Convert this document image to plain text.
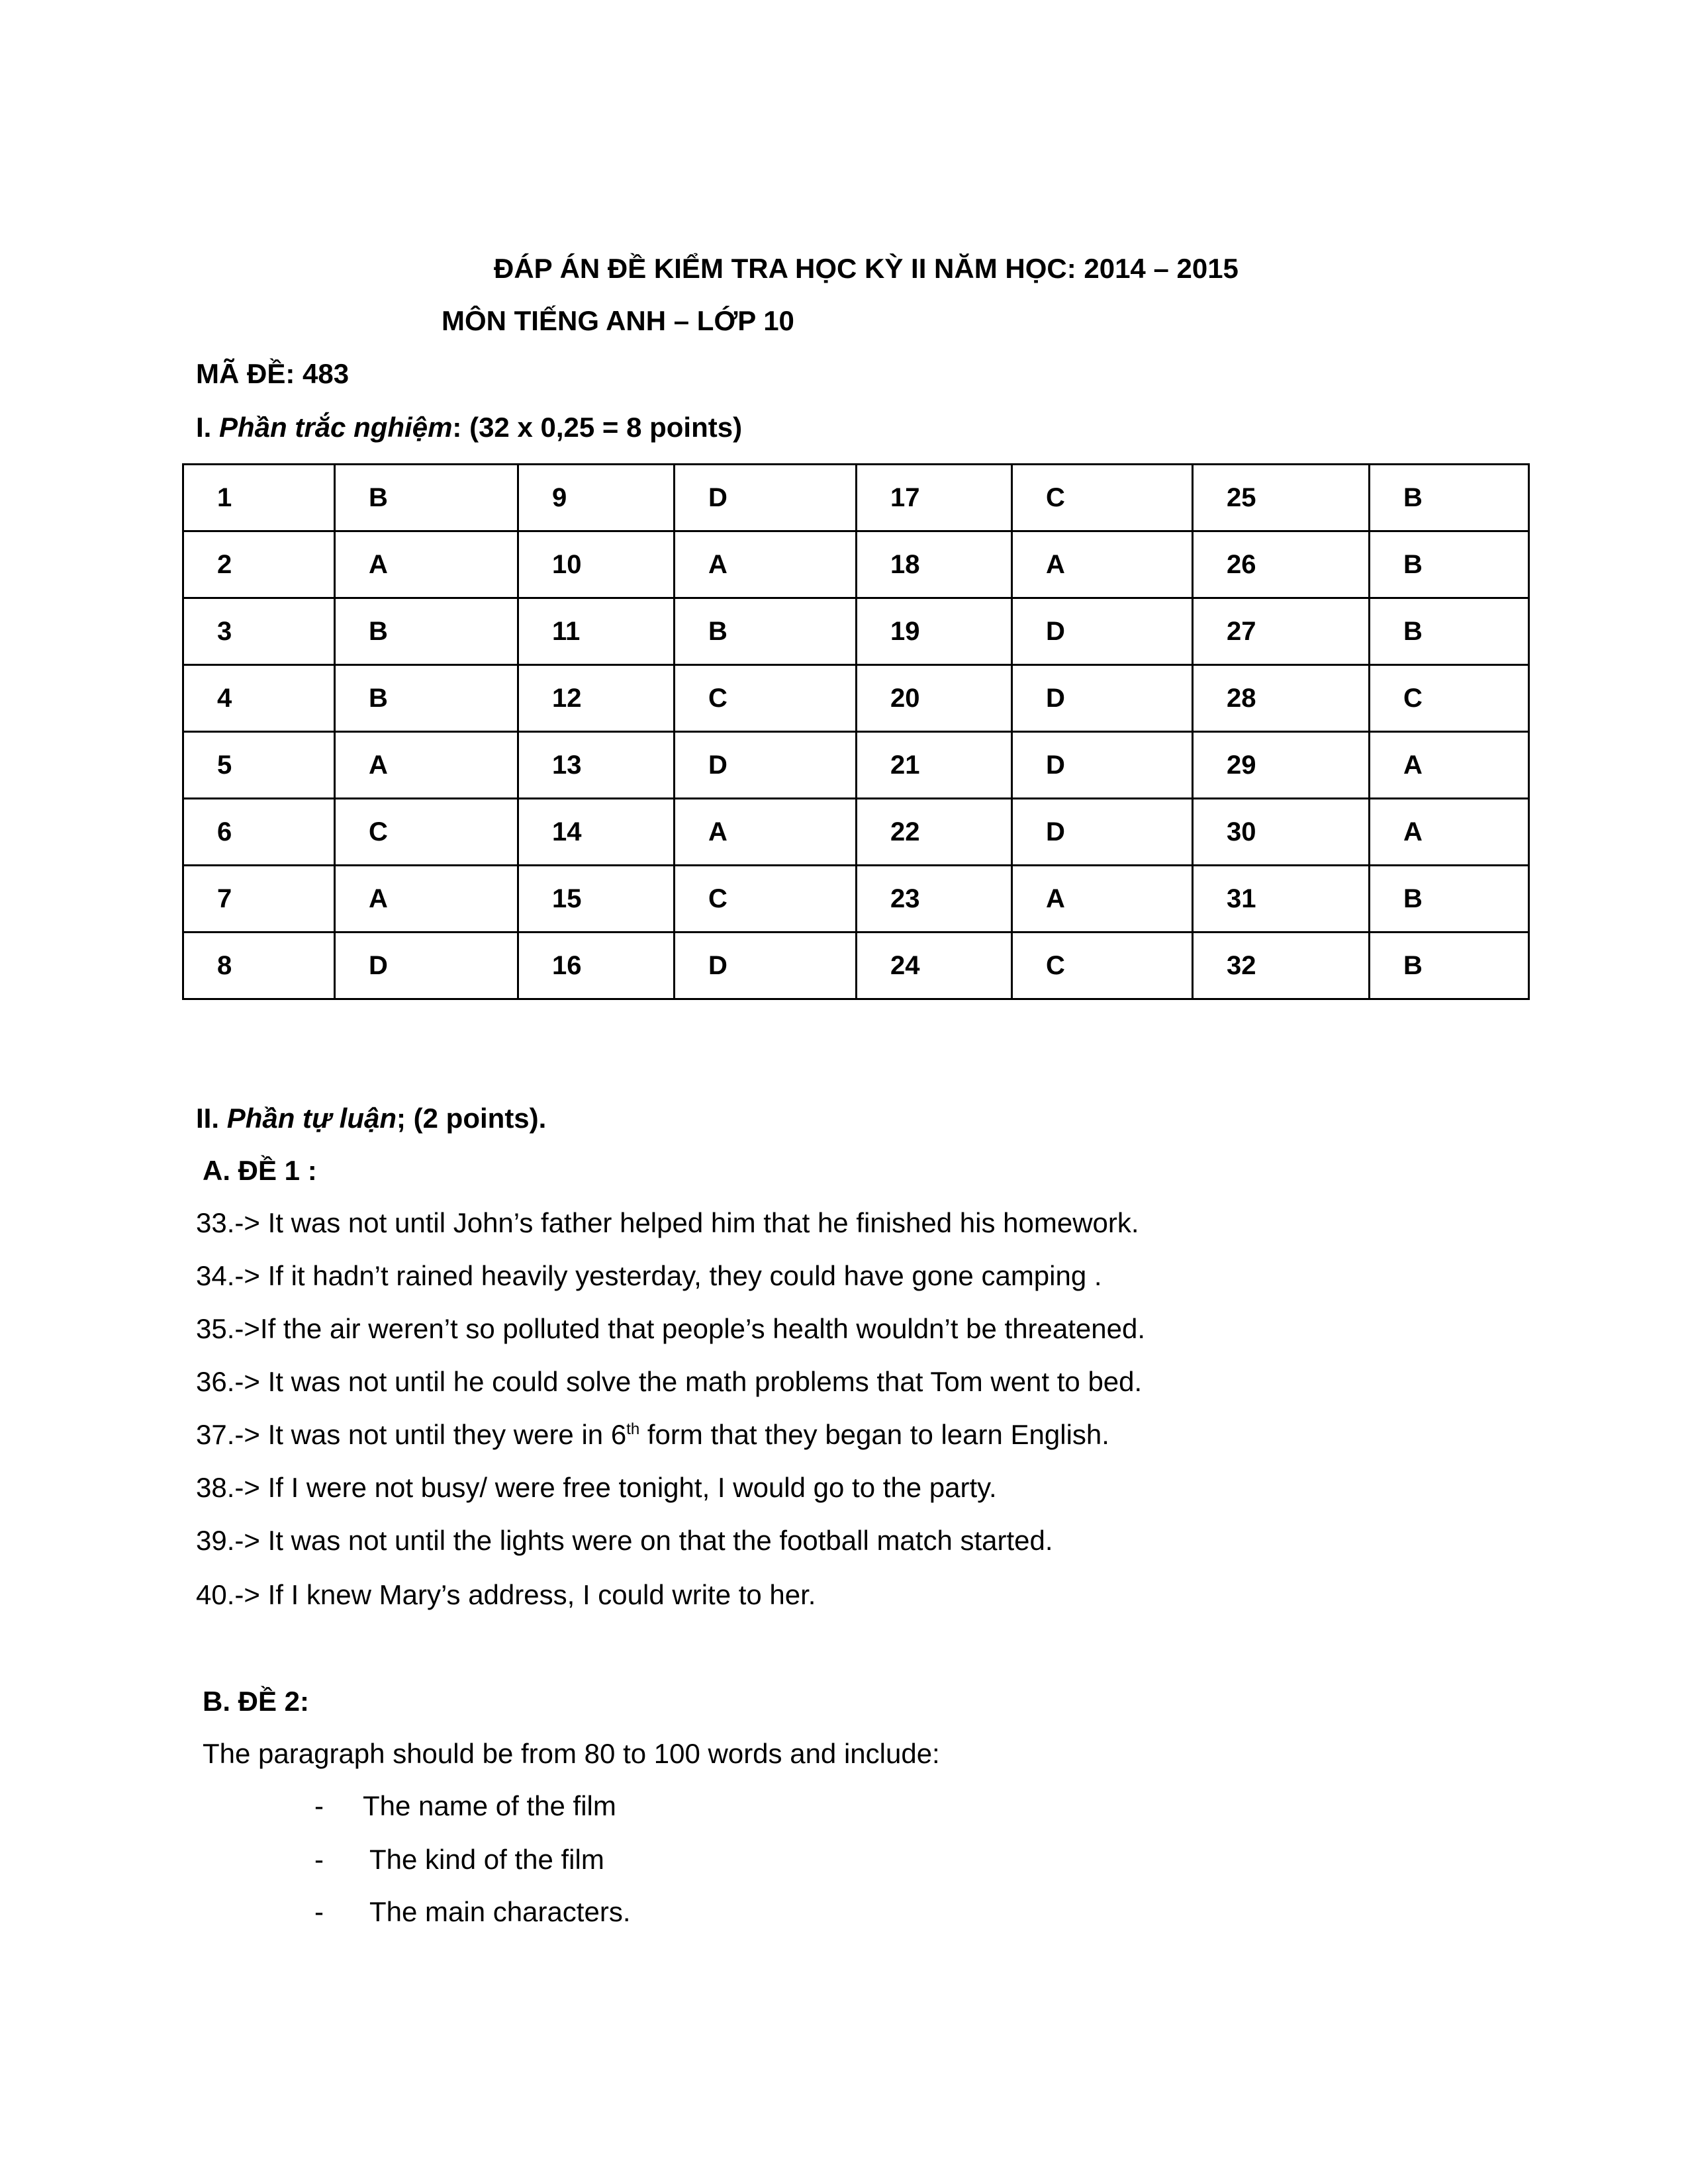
ĐÁP ÁN ĐỀ KIỂM TRA HỌC KỲ II NĂM HỌC: 2014 – 2015
MÔN TIẾNG ANH – LỚP 10
MÃ ĐỀ: 483
I. Phần trắc nghiệm: (32 x 0,25 = 8 points)
1	B	9	D	17	C	25	B
2	A	10	A	18	A	26	B
3	B	11	B	19	D	27	B
4	B	12	C	20	D	28	C
5	A	13	D	21	D	29	A
6	C	14	A	22	D	30	A
7	A	15	C	23	A	31	B
8	D	16	D	24	C	32	B
II. Phần tự luận; (2 points).
A. ĐỀ 1 :
33.-> It was not until John’s father helped him that he finished his homework.
34.-> If it hadn’t rained heavily yesterday, they could have gone camping .
35.->If the air weren’t so polluted that people’s health wouldn’t be threatened.
36.-> It was not until he could solve the math problems that Tom went to bed.
37.-> It was not until they were in 6th form that they began to learn English.
38.-> If I were not busy/ were free tonight, I would go to the party.
39.-> It was not until the lights were on that the football match started.
40.-> If I knew Mary’s address, I could write to her.
B. ĐỀ 2:
The paragraph should be from 80 to 100 words and include:
- The name of the film
- The kind of the film
- The main characters.
